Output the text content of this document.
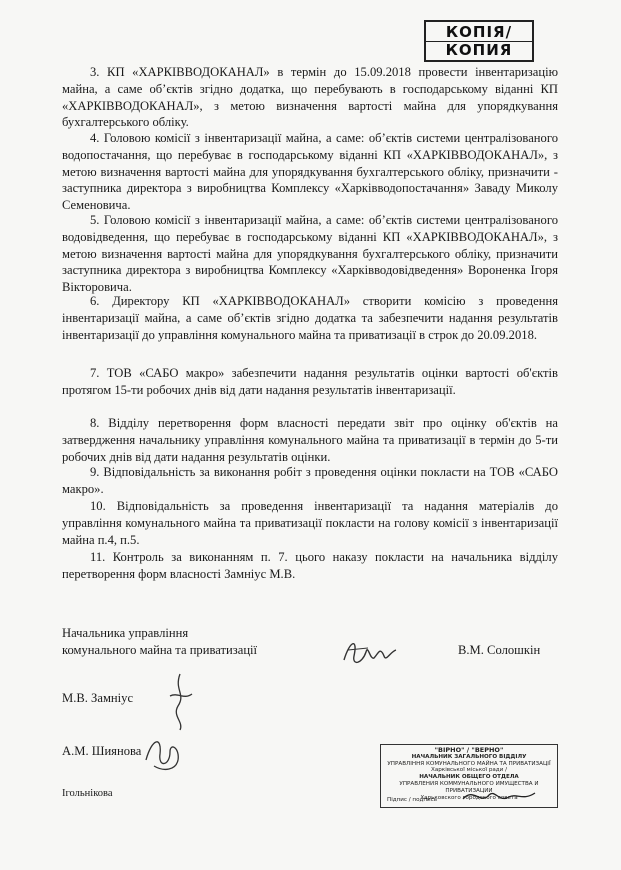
КОПІЯ/
КОПИЯ

3. КП «ХАРКІВВОДОКАНАЛ» в термін до 15.09.2018 провести інвентаризацію майна, а саме об’єктів згідно додатка, що перебувають в господарському віданні КП «ХАРКІВВОДОКАНАЛ», з метою визначення вартості майна для упорядкування бухгалтерського обліку.

4. Головою комісії з інвентаризації майна, а саме: об’єктів системи централізованого водопостачання, що перебуває в господарському віданні КП «ХАРКІВВОДОКАНАЛ», з метою визначення вартості майна для упорядкування бухгалтерського обліку, призначити - заступника директора з виробництва Комплексу «Харківводопостачання» Заваду Миколу Семеновича.

5. Головою комісії з інвентаризації майна, а саме: об’єктів системи централізованого водовідведення, що перебуває в господарському віданні КП «ХАРКІВВОДОКАНАЛ», з метою визначення вартості майна для упорядкування бухгалтерського обліку, призначити заступника директора з виробництва Комплексу «Харківводовідведення» Вороненка Ігоря Вікторовича.

6. Директору КП «ХАРКІВВОДОКАНАЛ» створити комісію з проведення інвентаризації майна, а саме об’єктів згідно додатка та забезпечити надання результатів інвентаризації до управління комунального майна та приватизації в строк до 20.09.2018.

7. ТОВ «САБО макро» забезпечити надання результатів оцінки вартості об'єктів протягом 15-ти робочих днів від дати надання результатів інвентаризації.

8. Відділу перетворення форм власності передати звіт про оцінку об'єктів на затвердження начальнику управління комунального майна та приватизації в термін до 5-ти робочих днів від дати надання результатів оцінки.

9. Відповідальність за виконання робіт з проведення оцінки покласти на ТОВ «САБО макро».

10. Відповідальність за проведення інвентаризації та надання матеріалів до управління комунального майна та приватизації покласти на голову комісії з інвентаризації майна п.4, п.5.

11. Контроль за виконанням п. 7. цього наказу покласти на начальника відділу перетворення форм власності Замніус М.В.

Начальника управління
комунального майна та приватизації	В.М. Солошкін
М.В. Замніус
А.М. Шиянова
Ігольнікова
"ВІРНО" / "ВЕРНО"
НАЧАЛЬНИК ЗАГАЛЬНОГО ВІДДІЛУ
УПРАВЛІННЯ КОМУНАЛЬНОГО МАЙНА ТА ПРИВАТИЗАЦІЇ
Харківської міської ради /
НАЧАЛЬНИК ОБЩЕГО ОТДЕЛА
УПРАВЛЕНИЯ КОММУНАЛЬНОГО ИМУЩЕСТВА И ПРИВАТИЗАЦИИ
Харьковского городского совета
Підпис / подпись
